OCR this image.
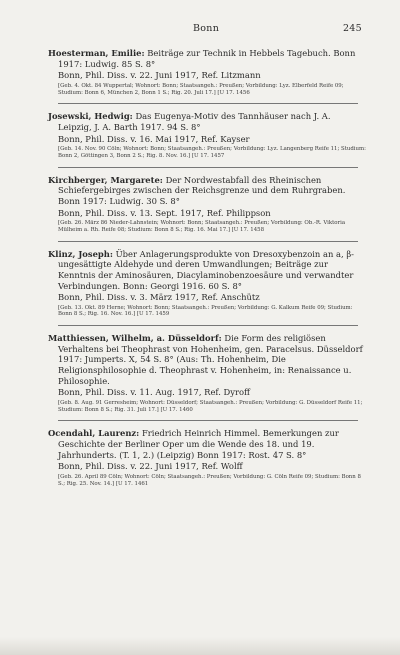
Bonn	245
Hoesterman, Emilie: Beiträge zur Technik in Hebbels Tagebuch. Bonn 1917: Ludwig. 85 S. 8°
Bonn, Phil. Diss. v. 22. Juni 1917, Ref. Litzmann
[Geb. 4. Okt. 84 Wuppertal; Wohnort: Bonn; Staatsangeh.: Preußen; Vorbildung: Lyz. Elberfeld Reife 09; Studium: Bonn 6, München 2, Bonn 1 S.; Rig. 20. Juli 17.] [U 17. 1456
Josewski, Hedwig: Das Eugenya-Motiv des Tannhäuser nach J. A. Leipzig, J. A. Barth 1917. 94 S. 8°
Bonn, Phil. Diss. v. 16. Mai 1917, Ref. Kayser
[Geb. 14. Nov. 90 Cöln; Wohnort: Bonn; Staatsangeh.: Preußen; Vorbildung: Lyz. Langenberg Reife 11; Studium: Bonn 2, Göttingen 3, Bonn 2 S.; Rig. 8. Nov. 16.] [U 17. 1457
Kirchberger, Margarete: Der Nordwestabfall des Rheinischen Schiefergebirges zwischen der Reichsgrenze und dem Ruhrgraben. Bonn 1917: Ludwig. 30 S. 8°
Bonn, Phil. Diss. v. 13. Sept. 1917, Ref. Philippson
[Geb. 26. März 86 Nieder-Lahnstein; Wohnort: Bonn; Staatsangeh.: Preußen; Vorbildung: Ob.-R. Viktoria Mülheim a. Rh. Reife 08; Studium: Bonn 8 S.; Rig. 16. Mai 17.] [U 17. 1458
Klinz, Joseph: Über Anlagerungsprodukte von Dresoxybenzoin an a, β-ungesättigte Aldehyde und deren Umwandlungen; Beiträge zur Kenntnis der Aminosäuren, Diacylaminobenzoesäure und verwandter Verbindungen. Bonn: Georgi 1916. 60 S. 8°
Bonn, Phil. Diss. v. 3. März 1917, Ref. Anschütz
[Geb. 13. Okt. 89 Herne; Wohnort: Bonn; Staatsangeh.: Preußen; Vorbildung: G. Kalkum Reife 09; Studium: Bonn 8 S.; Rig. 16. Nov. 16.] [U 17. 1459
Matthiessen, Wilhelm, a. Düsseldorf: Die Form des religiösen Verhaltens bei Theophrast von Hohenheim, gen. Paracelsus. Düsseldorf 1917: Jumperts. X, 54 S. 8° (Aus: Th. Hohenheim, Die Religionsphilosophie d. Theophrast v. Hohenheim, in: Renaissance u. Philosophie.
Bonn, Phil. Diss. v. 11. Aug. 1917, Ref. Dyroff
[Geb. 8. Aug. 91 Gerresheim; Wohnort: Düsseldorf; Staatsangeh.: Preußen; Vorbildung: G. Düsseldorf Reife 11; Studium: Bonn 8 S.; Rig. 31. Juli 17.] [U 17. 1460
Ocendahl, Laurenz: Friedrich Heinrich Himmel. Bemerkungen zur Geschichte der Berliner Oper um die Wende des 18. und 19. Jahrhunderts. (T. 1, 2.) (Leipzig) Bonn 1917: Rost. 47 S. 8°
Bonn, Phil. Diss. v. 22. Juni 1917, Ref. Wolff
[Geb. 26. April 89 Cöln; Wohnort: Cöln; Staatsangeh.: Preußen; Vorbildung: G. Cöln Reife 09; Studium: Bonn 8 S.; Rig. 25. Nov. 14.] [U 17. 1461
